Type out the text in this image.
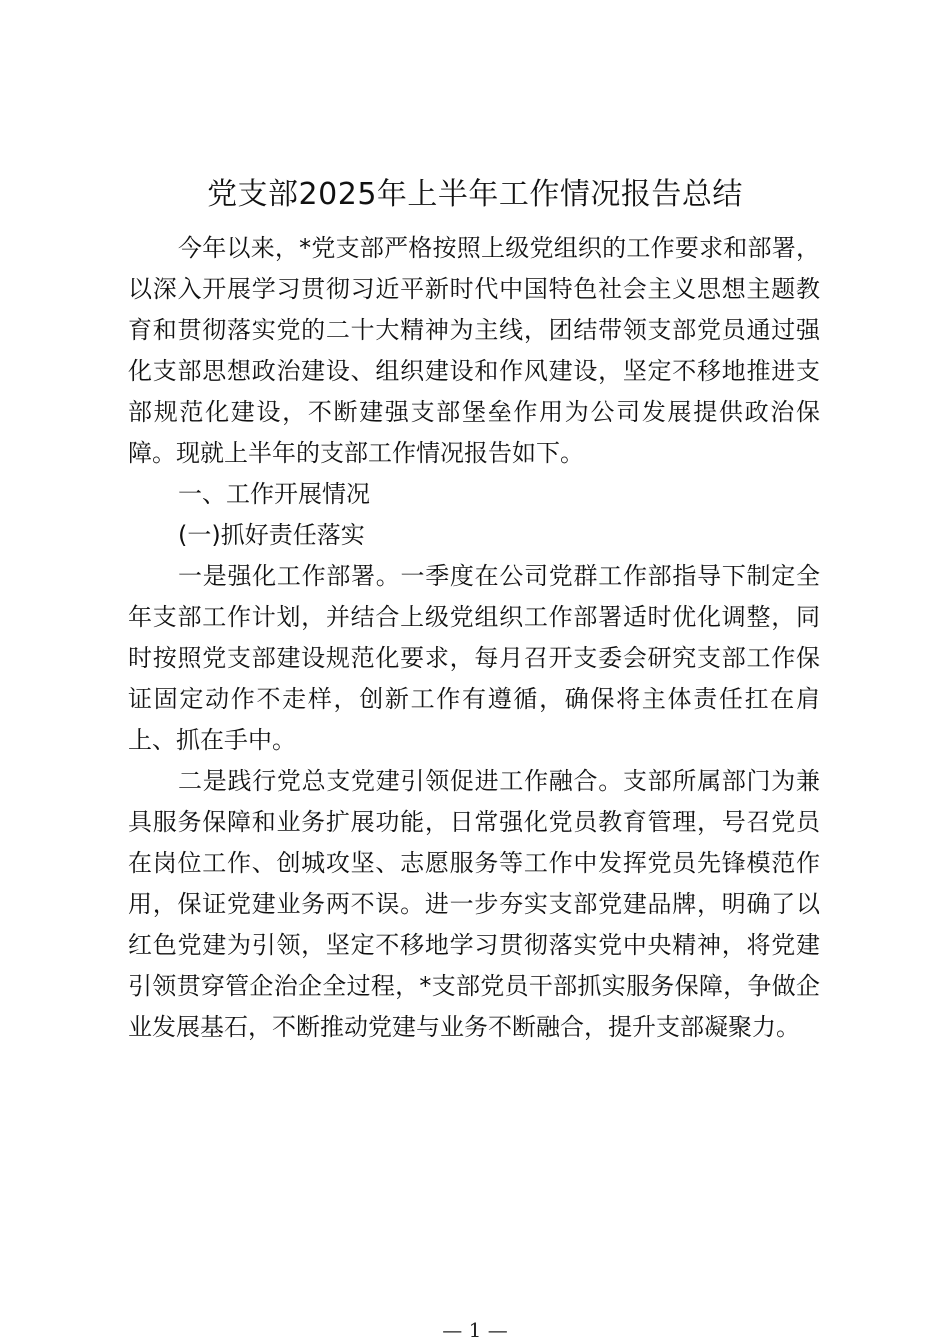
党支部2025年上半年工作情况报告总结

今年以来，*党支部严格按照上级党组织的工作要求和部署，以深入开展学习贯彻习近平新时代中国特色社会主义思想主题教育和贯彻落实党的二十大精神为主线，团结带领支部党员通过强化支部思想政治建设、组织建设和作风建设，坚定不移地推进支部规范化建设，不断建强支部堡垒作用为公司发展提供政治保障。现就上半年的支部工作情况报告如下。

一、工作开展情况

(一)抓好责任落实

一是强化工作部署。一季度在公司党群工作部指导下制定全年支部工作计划，并结合上级党组织工作部署适时优化调整，同时按照党支部建设规范化要求，每月召开支委会研究支部工作保证固定动作不走样，创新工作有遵循，确保将主体责任扛在肩上、抓在手中。

二是践行党总支党建引领促进工作融合。支部所属部门为兼具服务保障和业务扩展功能，日常强化党员教育管理，号召党员在岗位工作、创城攻坚、志愿服务等工作中发挥党员先锋模范作用，保证党建业务两不误。进一步夯实支部党建品牌，明确了以红色党建为引领，坚定不移地学习贯彻落实党中央精神，将党建引领贯穿管企治企全过程，*支部党员干部抓实服务保障，争做企业发展基石，不断推动党建与业务不断融合，提升支部凝聚力。

— 1 —
